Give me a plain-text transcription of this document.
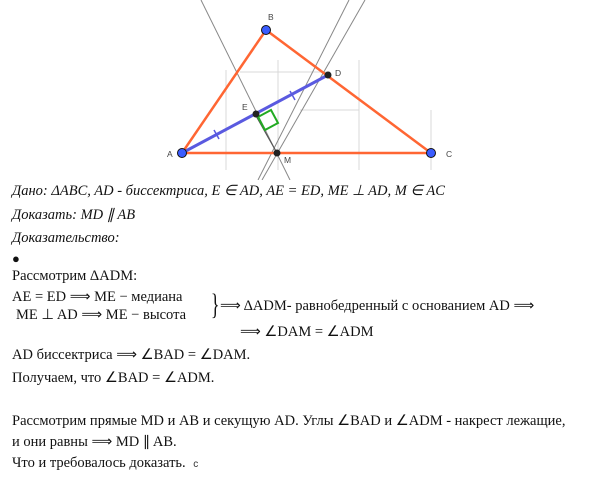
A
B
C
D
E
M
Дано: ΔABC, AD - биссектриса, E ∈ AD, AE = ED, ME ⊥ AD, M ∈ AC
Доказать: MD ∥ AB
Доказательство:
●
Рассмотрим ΔADM:
AE = ED ⟹ ME − медиана
ME ⊥ AD ⟹ ME − высота } ⟹ ΔADM- равнобедренный с основанием AD ⟹
⟹ ∠DAM = ∠ADM
AD биссектриса ⟹ ∠BAD = ∠DAM.
Получаем, что ∠BAD = ∠ADM.
Рассмотрим прямые MD и AB и секущую AD. Углы ∠BAD и ∠ADM - накрест лежащие,
и они равны ⟹ MD ∥ AB.
Что и требовалось доказать. c
